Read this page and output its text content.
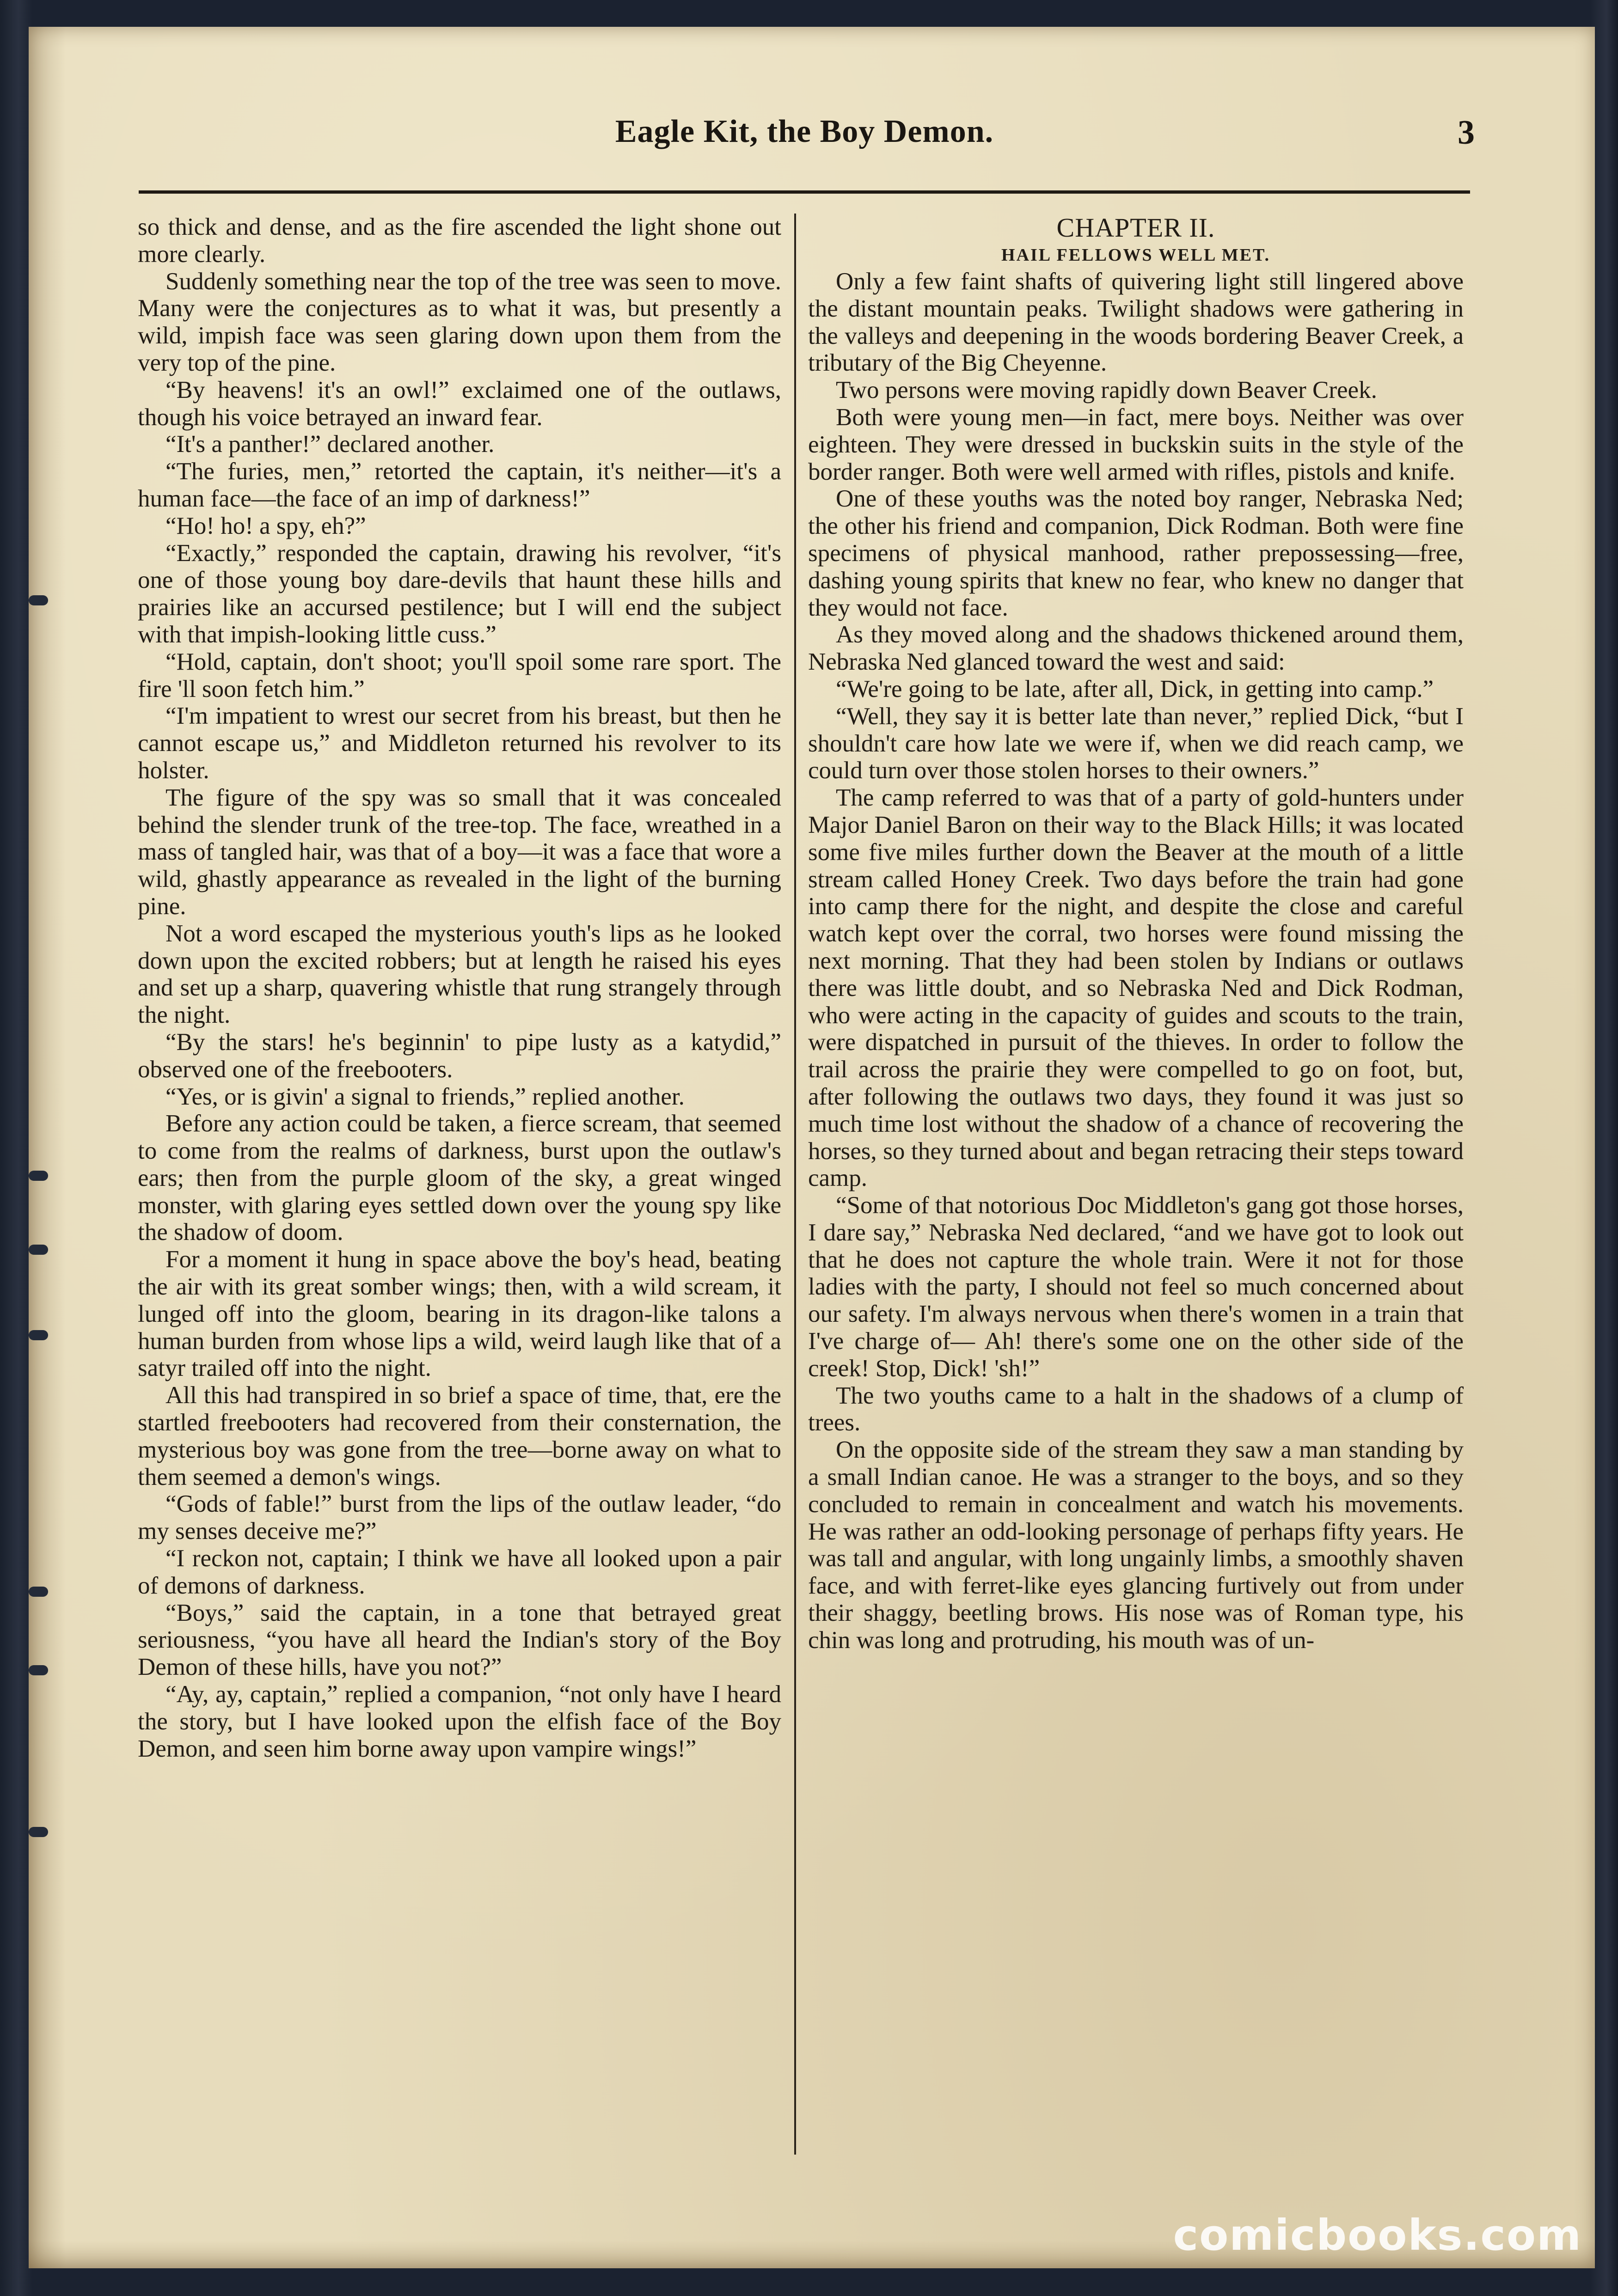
Eagle Kit, the Boy Demon.	3

so thick and dense, and as the fire ascended the light shone out more clearly.

Suddenly something near the top of the tree was seen to move. Many were the conjectures as to what it was, but presently a wild, impish face was seen glaring down upon them from the very top of the pine.

“By heavens! it's an owl!” exclaimed one of the outlaws, though his voice betrayed an inward fear.

“It's a panther!” declared another.

“The furies, men,” retorted the captain, it's neither—it's a human face—the face of an imp of darkness!”

“Ho! ho! a spy, eh?”

“Exactly,” responded the captain, drawing his revolver, “it's one of those young boy dare-devils that haunt these hills and prairies like an accursed pestilence; but I will end the subject with that impish-looking little cuss.”

“Hold, captain, don't shoot; you'll spoil some rare sport. The fire 'll soon fetch him.”

“I'm impatient to wrest our secret from his breast, but then he cannot escape us,” and Middleton returned his revolver to its holster.

The figure of the spy was so small that it was concealed behind the slender trunk of the tree-top. The face, wreathed in a mass of tangled hair, was that of a boy—it was a face that wore a wild, ghastly appearance as revealed in the light of the burning pine.

Not a word escaped the mysterious youth's lips as he looked down upon the excited robbers; but at length he raised his eyes and set up a sharp, quavering whistle that rung strangely through the night.

“By the stars! he's beginnin' to pipe lusty as a katydid,” observed one of the freebooters.

“Yes, or is givin' a signal to friends,” replied another.

Before any action could be taken, a fierce scream, that seemed to come from the realms of darkness, burst upon the outlaw's ears; then from the purple gloom of the sky, a great winged monster, with glaring eyes settled down over the young spy like the shadow of doom.

For a moment it hung in space above the boy's head, beating the air with its great somber wings; then, with a wild scream, it lunged off into the gloom, bearing in its dragon-like talons a human burden from whose lips a wild, weird laugh like that of a satyr trailed off into the night.

All this had transpired in so brief a space of time, that, ere the startled freebooters had recovered from their consternation, the mysterious boy was gone from the tree—borne away on what to them seemed a demon's wings.

“Gods of fable!” burst from the lips of the outlaw leader, “do my senses deceive me?”

“I reckon not, captain; I think we have all looked upon a pair of demons of darkness.

“Boys,” said the captain, in a tone that betrayed great seriousness, “you have all heard the Indian's story of the Boy Demon of these hills, have you not?”

“Ay, ay, captain,” replied a companion, “not only have I heard the story, but I have looked upon the elfish face of the Boy Demon, and seen him borne away upon vampire wings!”

CHAPTER II.

HAIL FELLOWS WELL MET.

Only a few faint shafts of quivering light still lingered above the distant mountain peaks. Twilight shadows were gathering in the valleys and deepening in the woods bordering Beaver Creek, a tributary of the Big Cheyenne.

Two persons were moving rapidly down Beaver Creek.

Both were young men—in fact, mere boys. Neither was over eighteen. They were dressed in buckskin suits in the style of the border ranger. Both were well armed with rifles, pistols and knife.

One of these youths was the noted boy ranger, Nebraska Ned; the other his friend and companion, Dick Rodman. Both were fine specimens of physical manhood, rather prepossessing—free, dashing young spirits that knew no fear, who knew no danger that they would not face.

As they moved along and the shadows thickened around them, Nebraska Ned glanced toward the west and said:

“We're going to be late, after all, Dick, in getting into camp.”

“Well, they say it is better late than never,” replied Dick, “but I shouldn't care how late we were if, when we did reach camp, we could turn over those stolen horses to their owners.”

The camp referred to was that of a party of gold-hunters under Major Daniel Baron on their way to the Black Hills; it was located some five miles further down the Beaver at the mouth of a little stream called Honey Creek. Two days before the train had gone into camp there for the night, and despite the close and careful watch kept over the corral, two horses were found missing the next morning. That they had been stolen by Indians or outlaws there was little doubt, and so Nebraska Ned and Dick Rodman, who were acting in the capacity of guides and scouts to the train, were dispatched in pursuit of the thieves. In order to follow the trail across the prairie they were compelled to go on foot, but, after following the outlaws two days, they found it was just so much time lost without the shadow of a chance of recovering the horses, so they turned about and began retracing their steps toward camp.

“Some of that notorious Doc Middleton's gang got those horses, I dare say,” Nebraska Ned declared, “and we have got to look out that he does not capture the whole train. Were it not for those ladies with the party, I should not feel so much concerned about our safety. I'm always nervous when there's women in a train that I've charge of— Ah! there's some one on the other side of the creek! Stop, Dick! 'sh!”

The two youths came to a halt in the shadows of a clump of trees.

On the opposite side of the stream they saw a man standing by a small Indian canoe. He was a stranger to the boys, and so they concluded to remain in concealment and watch his movements. He was rather an odd-looking personage of perhaps fifty years. He was tall and angular, with long ungainly limbs, a smoothly shaven face, and with ferret-like eyes glancing furtively out from under their shaggy, beetling brows. His nose was of Roman type, his chin was long and protruding, his mouth was of un-

comicbooks.com
